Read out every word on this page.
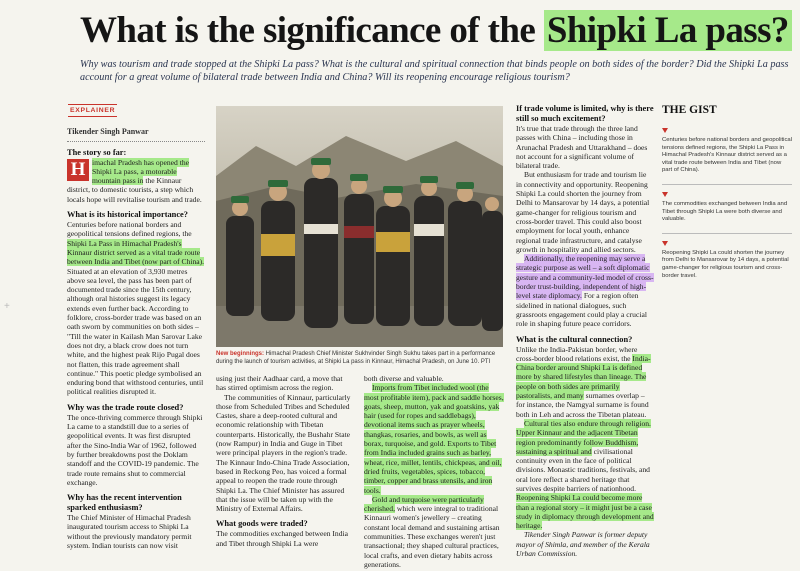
What is the significance of the Shipki La pass?
Why was tourism and trade stopped at the Shipki La pass? What is the cultural and spiritual connection that binds people on both sides of the border? Did the Shipki La pass account for a great volume of bilateral trade between India and China? Will its reopening encourage religious tourism?
EXPLAINER
Tikender Singh Panwar
The story so far:

H imachal Pradesh has opened the Shipki La pass, a motorable mountain pass in the Kinnaur district, to domestic tourists, a step which locals hope will revitalise tourism and trade.

What is its historical importance?

Centuries before national borders and geopolitical tensions defined regions, the Shipki La Pass in Himachal Pradesh's Kinnaur district served as a vital trade route between India and Tibet (now part of China). Situated at an elevation of 3,930 metres above sea level, the pass has been part of documented trade since the 15th century, although oral histories suggest its legacy extends even further back. According to folklore, cross-border trade was based on an oath sworn by communities on both sides – "Till the water in Kailash Man Sarovar Lake does not dry, a black crow does not turn white, and the highest peak Rijo Pugal does not flatten, this trade agreement shall continue." This poetic pledge symbolised an enduring bond that withstood centuries, until political realities disrupted it.

Why was the trade route closed?

The once-thriving commerce through Shipki La came to a standstill due to a series of geopolitical events. It was first disrupted after the Sino-India War of 1962, followed by further breakdowns post the Doklam standoff and the COVID-19 pandemic. The trade route remains shut to commercial exchange.

Why has the recent intervention sparked enthusiasm?

The Chief Minister of Himachal Pradesh inaugurated tourism access to Shipki La without the previously mandatory permit system. Indian tourists can now visit

New beginnings: Himachal Pradesh Chief Minister Sukhvinder Singh Sukhu takes part in a performance during the launch of tourism activities, at Shipki La pass in Kinnaur, Himachal Pradesh, on June 10. PTI

using just their Aadhaar card, a move that has stirred optimism across the region.

The communities of Kinnaur, particularly those from Scheduled Tribes and Scheduled Castes, share a deep-rooted cultural and economic relationship with Tibetan counterparts. Historically, the Bushahr State (now Rampur) in India and Guge in Tibet were principal players in the region's trade. The Kinnaur Indo-China Trade Association, based in Reckong Peo, has voiced a formal appeal to reopen the trade route through Shipki La. The Chief Minister has assured that the issue will be taken up with the Ministry of External Affairs.

What goods were traded?

The commodities exchanged between India and Tibet through Shipki La were

both diverse and valuable.

Imports from Tibet included wool (the most profitable item), pack and saddle horses, goats, sheep, mutton, yak and goatskins, yak hair (used for ropes and saddlebags), devotional items such as prayer wheels, thangkas, rosaries, and bowls, as well as borax, turquoise, and gold. Exports to Tibet from India included grains such as barley, wheat, rice, millet, lentils, chickpeas, and oil, dried fruits, vegetables, spices, tobacco, timber, copper and brass utensils, and iron tools.

Gold and turquoise were particularly cherished, which were integral to traditional Kinnauri women's jewellery – creating constant local demand and sustaining artisan communities. These exchanges weren't just transactional; they shaped cultural practices, local crafts, and even dietary habits across generations.

If trade volume is limited, why is there still so much excitement?

It's true that trade through the three land passes with China – including those in Arunachal Pradesh and Uttarakhand – does not account for a significant volume of bilateral trade.

But enthusiasm for trade and tourism lie in connectivity and opportunity. Reopening Shipki La could shorten the journey from Delhi to Mansarovar by 14 days, a potential game-changer for religious tourism and cross-border travel. This could also boost employment for local youth, enhance regional trade infrastructure, and catalyse growth in hospitality and allied sectors.

Additionally, the reopening may serve a strategic purpose as well – a soft diplomatic gesture and a community-led model of cross-border trust-building, independent of high-level state diplomacy. For a region often sidelined in national dialogues, such grassroots engagement could play a crucial role in shaping future peace corridors.

What is the cultural connection?

Unlike the India-Pakistan border, where cross-border blood relations exist, the India-China border around Shipki La is defined more by shared lifestyles than lineage. The people on both sides are primarily pastoralists, and many surnames overlap – for instance, the Namgyal surname is found both in Leh and across the Tibetan plateau.

Cultural ties also endure through religion. Upper Kinnaur and the adjacent Tibetan region predominantly follow Buddhism, sustaining a spiritual and civilisational continuity even in the face of political divisions. Monastic traditions, festivals, and oral lore reflect a shared heritage that survives despite barriers of nationhood. Reopening Shipki La could become more than a regional story – it might just be a case study in diplomacy through development and heritage.

Tikender Singh Panwar is former deputy mayor of Shimla, and member of the Kerala Urban Commission.

THE GIST
Centuries before national borders and geopolitical tensions defined regions, the Shipki La Pass in Himachal Pradesh's Kinnaur district served as a vital trade route between India and Tibet (now part of China).
The commodities exchanged between India and Tibet through Shipki La were both diverse and valuable.
Reopening Shipki La could shorten the journey from Delhi to Mansarovar by 14 days, a potential game-changer for religious tourism and cross-border travel.
+
